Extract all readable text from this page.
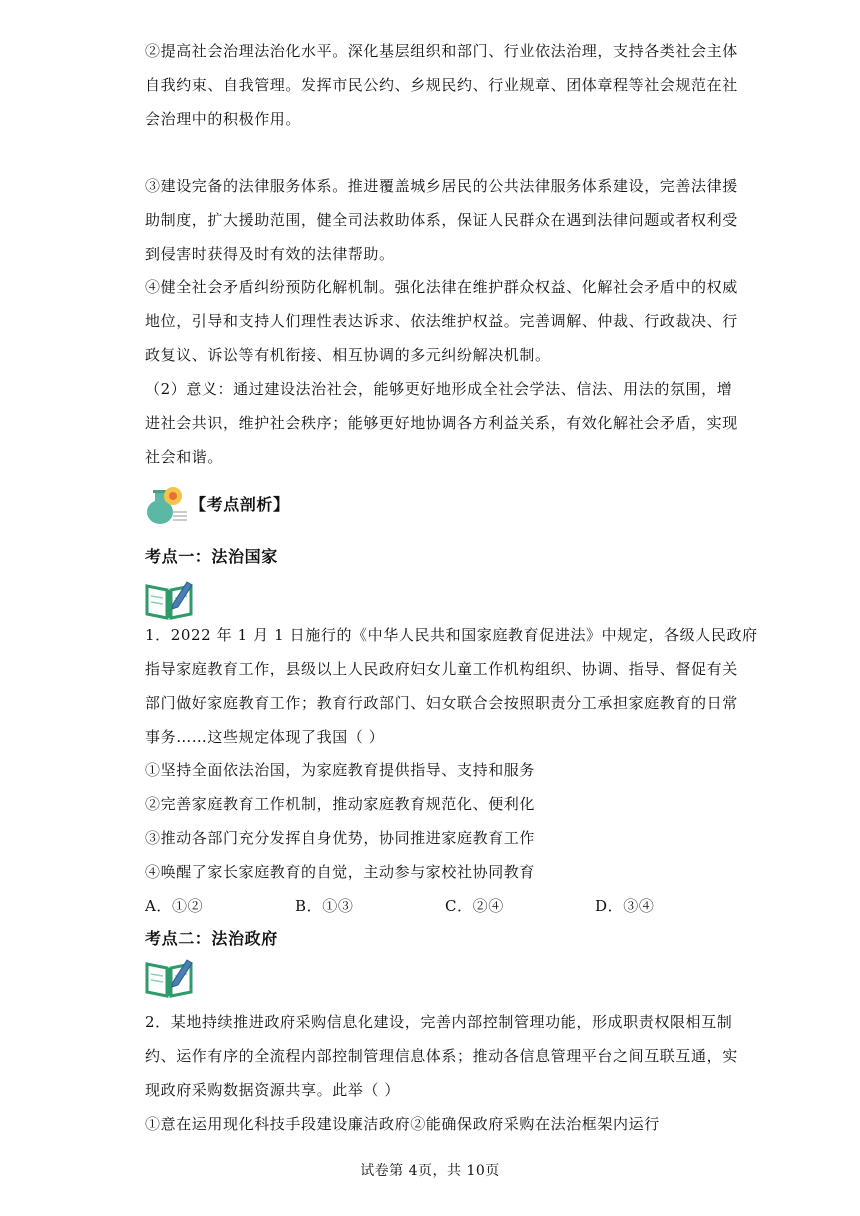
②提高社会治理法治化水平。深化基层组织和部门、行业依法治理，支持各类社会主体
自我约束、自我管理。发挥市民公约、乡规民约、行业规章、团体章程等社会规范在社
会治理中的积极作用。
③建设完备的法律服务体系。推进覆盖城乡居民的公共法律服务体系建设，完善法律援
助制度，扩大援助范围，健全司法救助体系，保证人民群众在遇到法律问题或者权利受
到侵害时获得及时有效的法律帮助。
④健全社会矛盾纠纷预防化解机制。强化法律在维护群众权益、化解社会矛盾中的权威
地位，引导和支持人们理性表达诉求、依法维护权益。完善调解、仲裁、行政裁决、行
政复议、诉讼等有机衔接、相互协调的多元纠纷解决机制。
（2）意义：通过建设法治社会，能够更好地形成全社会学法、信法、用法的氛围，增
进社会共识，维护社会秩序；能够更好地协调各方利益关系，有效化解社会矛盾，实现
社会和谐。
【考点剖析】
考点一：法治国家
1．2022 年 1 月 1 日施行的《中华人民共和国家庭教育促进法》中规定，各级人民政府
指导家庭教育工作，县级以上人民政府妇女儿童工作机构组织、协调、指导、督促有关
部门做好家庭教育工作；教育行政部门、妇女联合会按照职责分工承担家庭教育的日常
事务……这些规定体现了我国（ ）
①坚持全面依法治国，为家庭教育提供指导、支持和服务
②完善家庭教育工作机制，推动家庭教育规范化、便利化
③推动各部门充分发挥自身优势，协同推进家庭教育工作
④唤醒了家长家庭教育的自觉，主动参与家校社协同教育
A．①②	B．①③	C．②④	D．③④
考点二：法治政府
2．某地持续推进政府采购信息化建设，完善内部控制管理功能，形成职责权限相互制
约、运作有序的全流程内部控制管理信息体系；推动各信息管理平台之间互联互通，实
现政府采购数据资源共享。此举（ ）
①意在运用现化科技手段建设廉洁政府②能确保政府采购在法治框架内运行
试卷第 4页，共 10页
